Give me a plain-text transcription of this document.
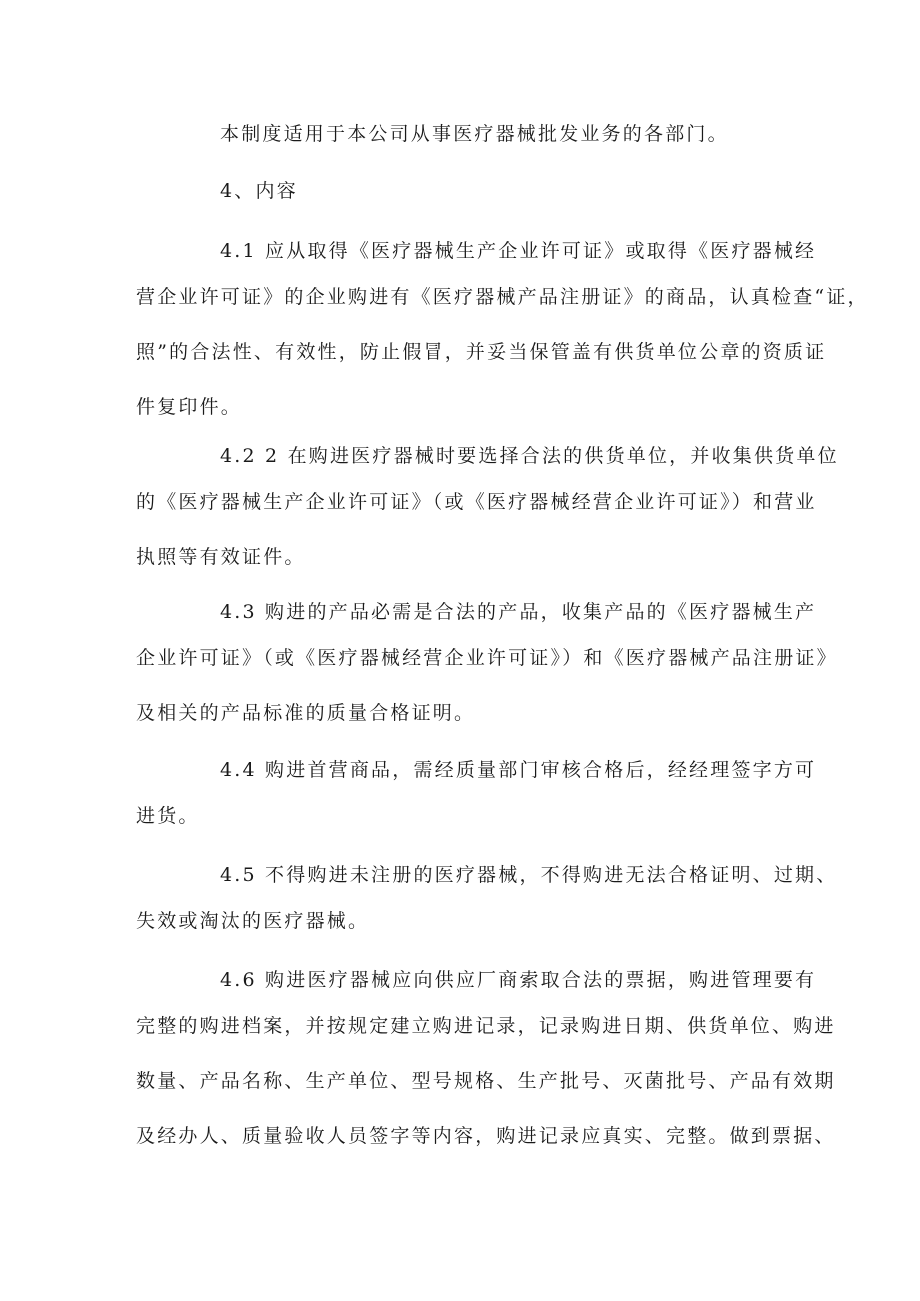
本制度适用于本公司从事医疗器械批发业务的各部门。

4、内容

4.1 应从取得《医疗器械生产企业许可证》或取得《医疗器械经
营企业许可证》的企业购进有《医疗器械产品注册证》的商品，认真检查“证，
照”的合法性、有效性，防止假冒，并妥当保管盖有供货单位公章的资质证
件复印件。

4.2 2 在购进医疗器械时要选择合法的供货单位，并收集供货单位
的《医疗器械生产企业许可证》（或《医疗器械经营企业许可证》）和营业
执照等有效证件。

4.3 购进的产品必需是合法的产品，收集产品的《医疗器械生产
企业许可证》（或《医疗器械经营企业许可证》）和《医疗器械产品注册证》
及相关的产品标准的质量合格证明。

4.4 购进首营商品，需经质量部门审核合格后，经经理签字方可
进货。

4.5 不得购进未注册的医疗器械，不得购进无法合格证明、过期、
失效或淘汰的医疗器械。

4.6 购进医疗器械应向供应厂商索取合法的票据，购进管理要有
完整的购进档案，并按规定建立购进记录，记录购进日期、供货单位、购进
数量、产品名称、生产单位、型号规格、生产批号、灭菌批号、产品有效期
及经办人、质量验收人员签字等内容，购进记录应真实、完整。做到票据、
